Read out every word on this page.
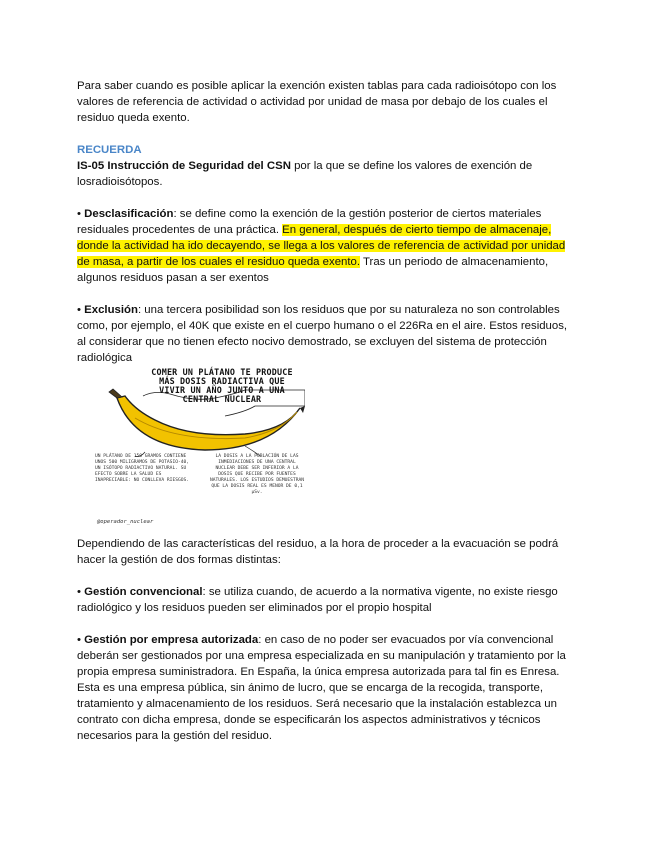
Para saber cuando es posible aplicar la exención existen tablas para cada radioisótopo con los valores de referencia de actividad o actividad por unidad de masa por debajo de los cuales el residuo queda exento.

RECUERDA

IS-05 Instrucción de Seguridad del CSN por la que se define los valores de exención de losradioisótopos.

• Desclasificación: se define como la exención de la gestión posterior de ciertos materiales residuales procedentes de una práctica. En general, después de cierto tiempo de almacenaje, donde la actividad ha ido decayendo, se llega a los valores de referencia de actividad por unidad de masa, a partir de los cuales el residuo queda exento. Tras un periodo de almacenamiento, algunos residuos pasan a ser exentos

• Exclusión: una tercera posibilidad son los residuos que por su naturaleza no son controlables como, por ejemplo, el 40K que existe en el cuerpo humano o el 226Ra en el aire. Estos residuos, al considerar que no tienen efecto nocivo demostrado, se excluyen del sistema de protección radiológica

COMER UN PLÁTANO TE PRODUCE MÁS DOSIS RADIACTIVA QUE VIVIR UN AÑO JUNTO A UNA CENTRAL NUCLEAR
UN PLÁTANO DE 150 GRAMOS CONTIENE UNOS 500 MILIGRAMOS DE POTASIO-40, UN ISÓTOPO RADIACTIVO NATURAL. SU EFECTO SOBRE LA SALUD ES INAPRECIABLE: NO CONLLEVA RIESGOS.
LA DOSIS A LA POBLACIÓN DE LAS INMEDIACIONES DE UNA CENTRAL NUCLEAR DEBE SER INFERIOR A LA DOSIS QUE RECIBE POR FUENTES NATURALES. LOS ESTUDIOS DEMUESTRAN QUE LA DOSIS REAL ES MENOR DE 0,1 µSv.
@operador_nuclear

Dependiendo de las características del residuo, a la hora de proceder a la evacuación se podrá hacer la gestión de dos formas distintas:

• Gestión convencional: se utiliza cuando, de acuerdo a la normativa vigente, no existe riesgo radiológico y los residuos pueden ser eliminados por el propio hospital

• Gestión por empresa autorizada: en caso de no poder ser evacuados por vía convencional deberán ser gestionados por una empresa especializada en su manipulación y tratamiento por la propia empresa suministradora. En España, la única empresa autorizada para tal fin es Enresa. Esta es una empresa pública, sin ánimo de lucro, que se encarga de la recogida, transporte, tratamiento y almacenamiento de los residuos. Será necesario que la instalación establezca un contrato con dicha empresa, donde se especificarán los aspectos administrativos y técnicos necesarios para la gestión del residuo.
